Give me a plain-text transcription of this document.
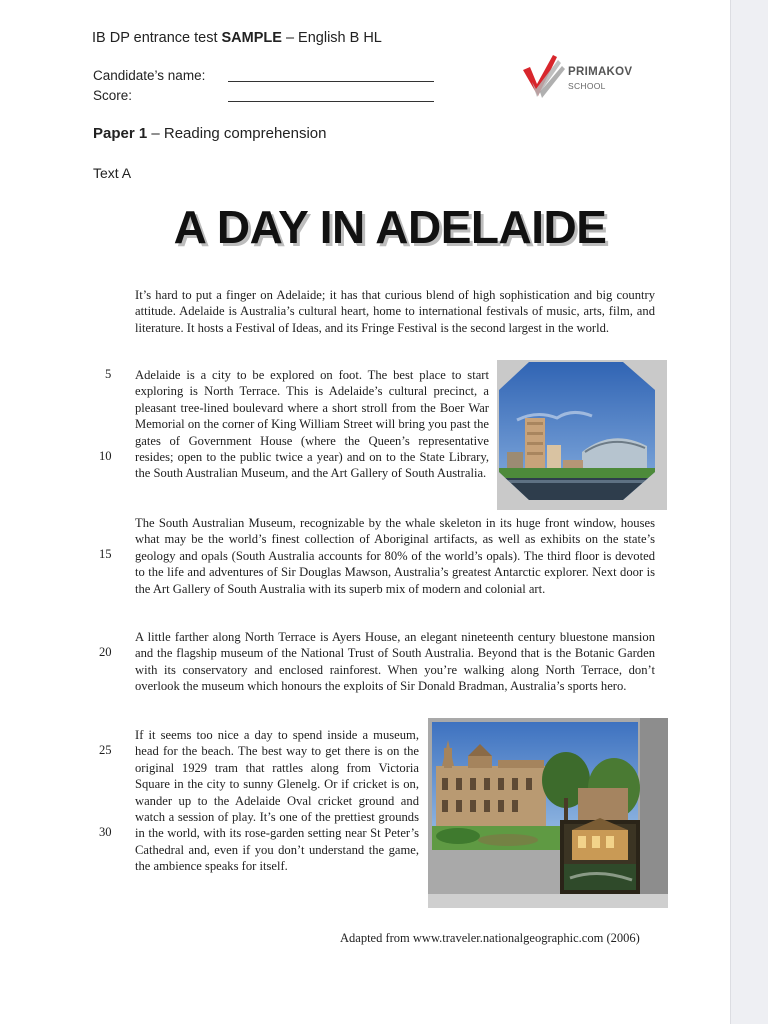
IB DP entrance test SAMPLE – English B HL
Candidate’s name:
Score:
PRIMAKOV
SCHOOL
Paper 1 – Reading comprehension
Text A
A DAY IN ADELAIDE
It’s hard to put a finger on Adelaide; it has that curious blend of high sophistication and big country attitude. Adelaide is Australia’s cultural heart, home to international festivals of music, arts, film, and literature. It hosts a Festival of Ideas, and its Fringe Festival is the second largest in the world.
5 Adelaide is a city to be explored on foot. The best place to start exploring is North Terrace. This is Adelaide’s cultural precinct, a pleasant tree-lined boulevard where a short stroll from the Boer War Memorial on the corner of King William Street will bring you past the gates of Government House (where the Queen’s representative resides; open to the public twice a year) and on to the State Library, the South Australian Museum, and the Art Gallery of South Australia.
10
The South Australian Museum, recognizable by the whale skeleton in its huge front window, houses what may be the world’s finest collection of Aboriginal artifacts, as well as exhibits on the state’s geology and opals (South Australia accounts for 80% of the world’s opals). The third floor is devoted to the life and adventures of Sir Douglas Mawson, Australia’s greatest Antarctic explorer. Next door is the Art Gallery of South Australia with its superb mix of modern and colonial art.
15
A little farther along North Terrace is Ayers House, an elegant nineteenth century bluestone mansion and the flagship museum of the National Trust of South Australia. Beyond that is the Botanic Garden with its conservatory and enclosed rainforest. When you’re walking along North Terrace, don’t overlook the museum which honours the exploits of Sir Donald Bradman, Australia’s sports hero.
20
25
If it seems too nice a day to spend inside a museum, head for the beach. The best way to get there is on the original 1929 tram that rattles along from Victoria Square in the city to sunny Glenelg. Or if cricket is on, wander up to the Adelaide Oval cricket ground and watch a session of play. It’s one of the prettiest grounds in the world, with its rose-garden setting near St Peter’s Cathedral and, even if you don’t understand the game, the ambience speaks for itself.
30
Adapted from www.traveler.nationalgeographic.com (2006)
